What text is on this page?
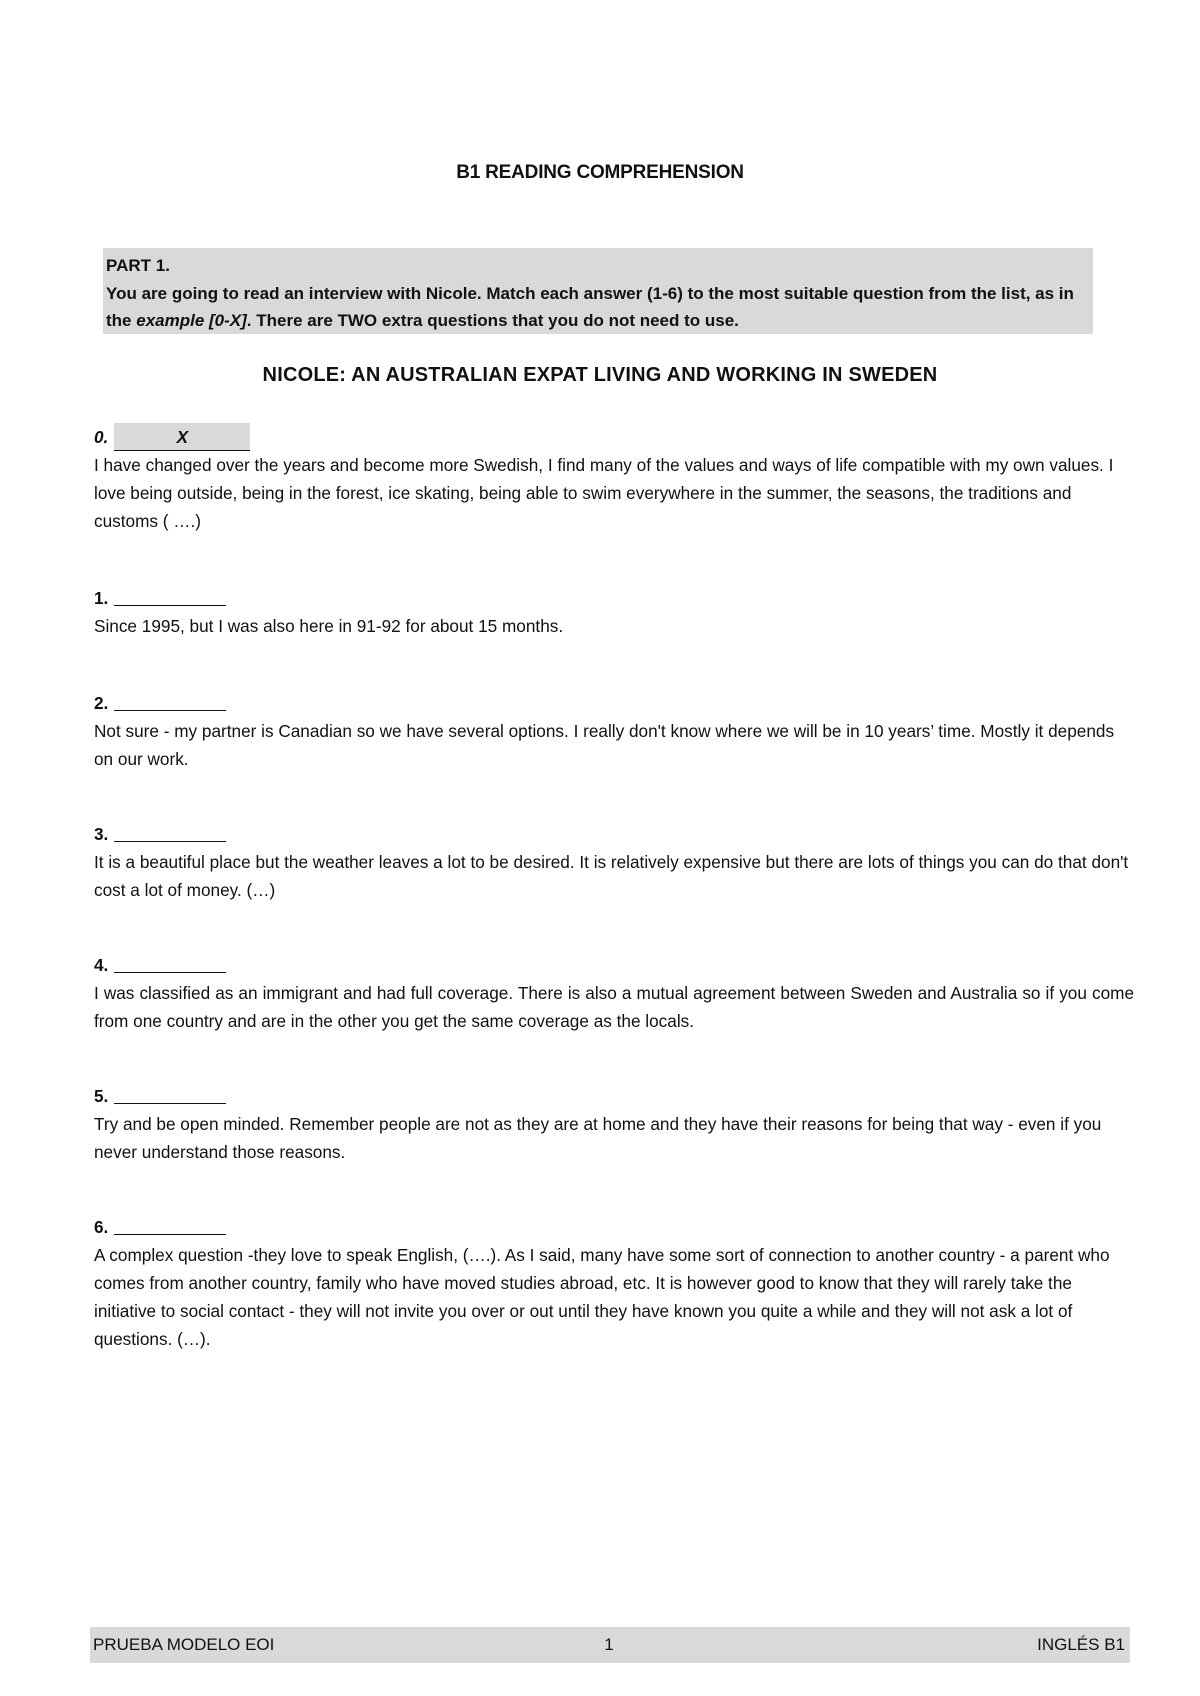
B1 READING COMPREHENSION

PART 1.

You are going to read an interview with Nicole. Match each answer (1-6) to the most suitable question from the list, as in the example [0-X]. There are TWO extra questions that you do not need to use.

NICOLE: AN AUSTRALIAN EXPAT LIVING AND WORKING IN SWEDEN
0.	X

I have changed over the years and become more Swedish, I find many of the values and ways of life compatible with my own values. I love being outside, being in the forest, ice skating, being able to swim everywhere in the summer, the seasons, the traditions and customs ( ….)

1.

Since 1995, but I was also here in 91-92 for about 15 months.

2.

Not sure - my partner is Canadian so we have several options. I really don't know where we will be in 10 years’ time. Mostly it depends on our work.

3.

It is a beautiful place but the weather leaves a lot to be desired. It is relatively expensive but there are lots of things you can do that don't cost a lot of money. (…)

4.

I was classified as an immigrant and had full coverage. There is also a mutual agreement between Sweden and Australia so if you come from one country and are in the other you get the same coverage as the locals.

5.

Try and be open minded. Remember people are not as they are at home and they have their reasons for being that way - even if you never understand those reasons.

6.

A complex question -they love to speak English, (….). As I said, many have some sort of connection to another country - a parent who comes from another country, family who have moved studies abroad, etc. It is however good to know that they will rarely take the initiative to social contact - they will not invite you over or out until they have known you quite a while and they will not ask a lot of questions. (…).

PRUEBA MODELO EOI	1	INGLÉS B1
